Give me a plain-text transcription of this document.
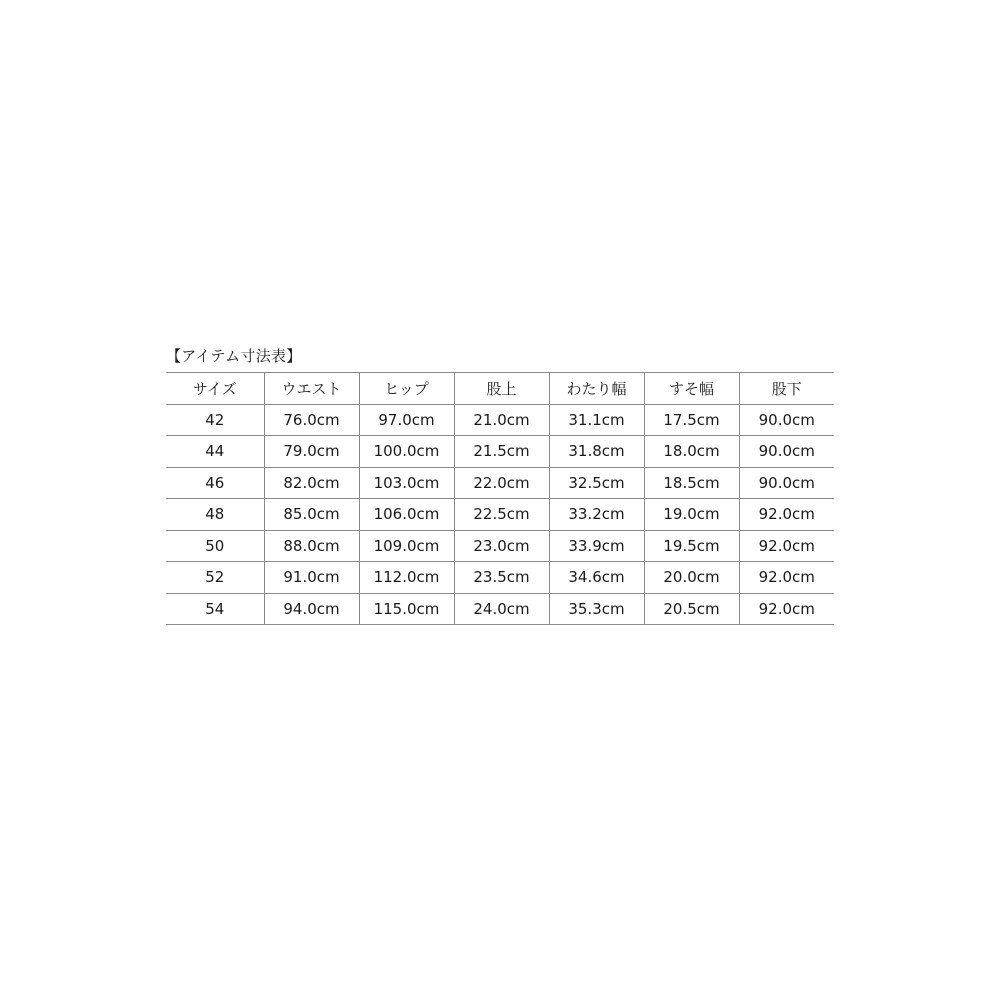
【アイテム寸法表】
サイズ	ウエスト	ヒップ	股上	わたり幅	すそ幅	股下
42	76.0cm	97.0cm	21.0cm	31.1cm	17.5cm	90.0cm
44	79.0cm	100.0cm	21.5cm	31.8cm	18.0cm	90.0cm
46	82.0cm	103.0cm	22.0cm	32.5cm	18.5cm	90.0cm
48	85.0cm	106.0cm	22.5cm	33.2cm	19.0cm	92.0cm
50	88.0cm	109.0cm	23.0cm	33.9cm	19.5cm	92.0cm
52	91.0cm	112.0cm	23.5cm	34.6cm	20.0cm	92.0cm
54	94.0cm	115.0cm	24.0cm	35.3cm	20.5cm	92.0cm
